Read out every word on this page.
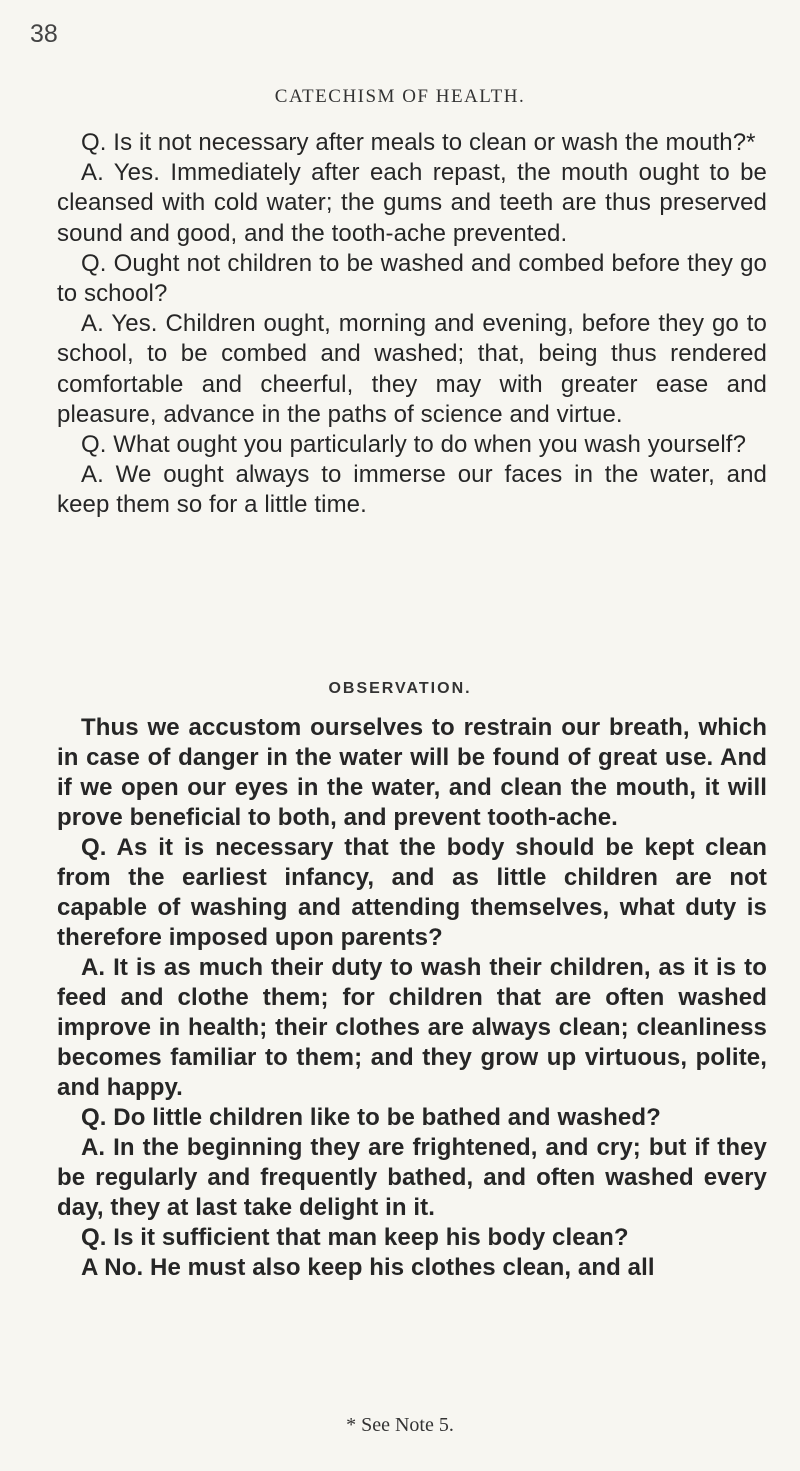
38
CATECHISM OF HEALTH.

Q. Is it not necessary after meals to clean or wash the mouth?*

A. Yes. Immediately after each repast, the mouth ought to be cleansed with cold water; the gums and teeth are thus preserved sound and good, and the tooth-ache prevented.

Q. Ought not children to be washed and combed before they go to school?

A. Yes. Children ought, morning and evening, before they go to school, to be combed and washed; that, being thus rendered comfortable and cheerful, they may with greater ease and pleasure, advance in the paths of science and virtue.

Q. What ought you particularly to do when you wash yourself?

A. We ought always to immerse our faces in the water, and keep them so for a little time.

OBSERVATION.

Thus we accustom ourselves to restrain our breath, which in case of danger in the water will be found of great use. And if we open our eyes in the water, and clean the mouth, it will prove beneficial to both, and prevent tooth-ache.

Q. As it is necessary that the body should be kept clean from the earliest infancy, and as little children are not capable of washing and attending themselves, what duty is therefore imposed upon parents?

A. It is as much their duty to wash their children, as it is to feed and clothe them; for children that are often washed improve in health; their clothes are always clean; cleanliness becomes familiar to them; and they grow up virtuous, polite, and happy.

Q. Do little children like to be bathed and washed?

A. In the beginning they are frightened, and cry; but if they be regularly and frequently bathed, and often washed every day, they at last take delight in it.

Q. Is it sufficient that man keep his body clean?

A No. He must also keep his clothes clean, and all

* See Note 5.
